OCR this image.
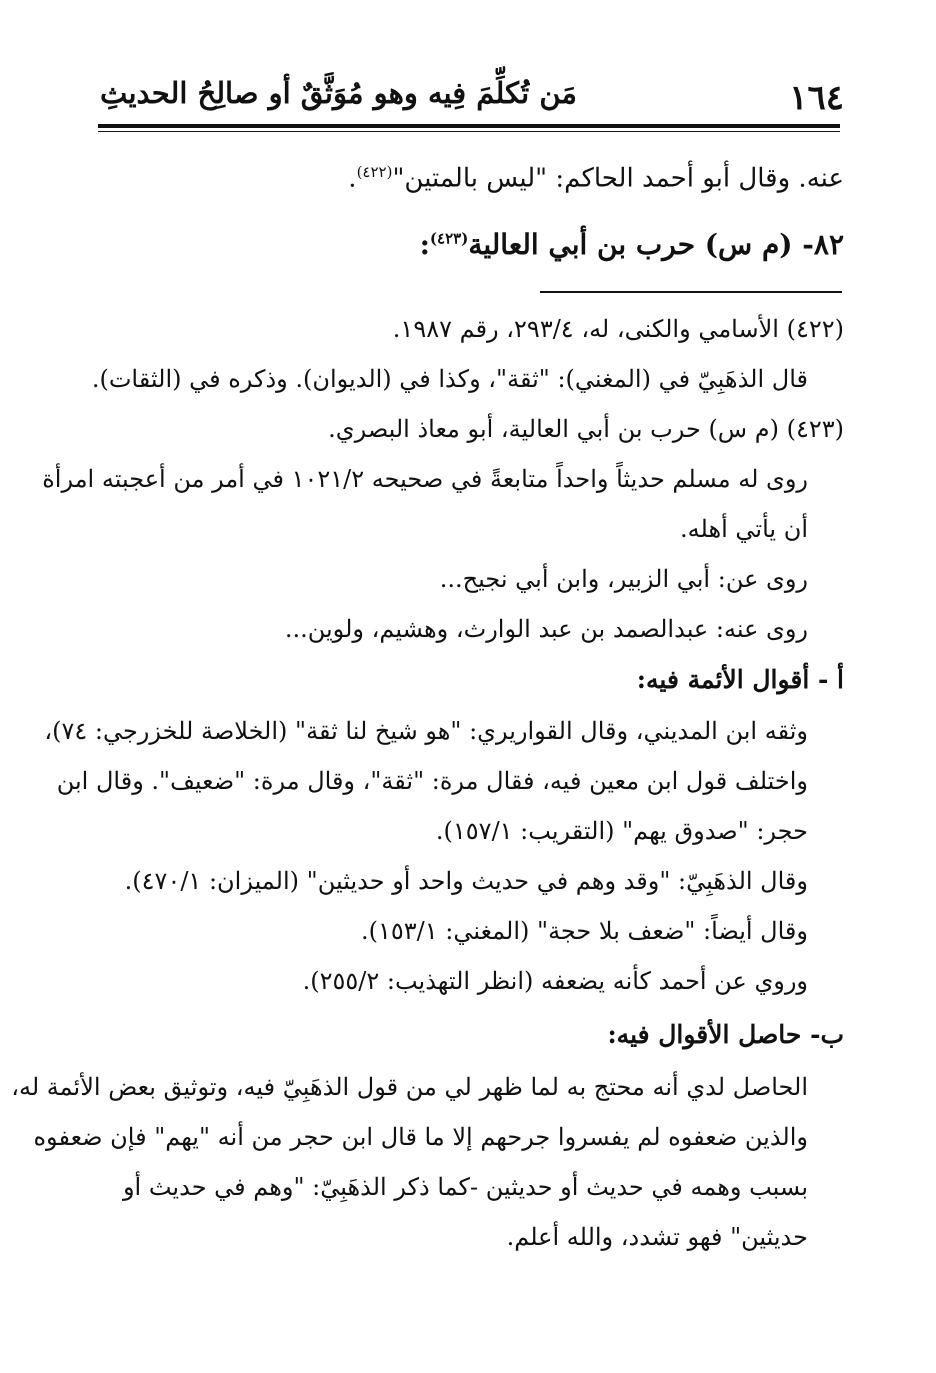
١٦٤
مَن تُكلِّمَ فِيه وهو مُوَثَّقٌ أو صالِحُ الحديثِ
عنه. وقال أبو أحمد الحاكم: "ليس بالمتين"$^{(٤٢٢)}$.
٨٢- (م س) حرب بن أبي العالية$^{(٤٢٣)}$:
(٤٢٢) الأسامي والكنى، له، ٢٩٣/٤، رقم ١٩٨٧.
قال الذهَبِيّ في (المغني): "ثقة"، وكذا في (الديوان). وذكره في (الثقات).
(٤٢٣) (م س) حرب بن أبي العالية، أبو معاذ البصري.
روى له مسلم حديثاً واحداً متابعةً في صحيحه ١٠٢١/٢ في أمر من أعجبته امرأة
أن يأتي أهله.
روى عن: أبي الزبير، وابن أبي نجيح...
روى عنه: عبدالصمد بن عبد الوارث، وهشيم، ولوين...
أ - أقوال الأئمة فيه:
وثقه ابن المديني، وقال القواريري: "هو شيخ لنا ثقة" (الخلاصة للخزرجي: ٧٤)،
واختلف قول ابن معين فيه، فقال مرة: "ثقة"، وقال مرة: "ضعيف". وقال ابن
حجر: "صدوق يهم" (التقريب: ١٥٧/١).
وقال الذهَبِيّ: "وقد وهم في حديث واحد أو حديثين" (الميزان: ٤٧٠/١).
وقال أيضاً: "ضعف بلا حجة" (المغني: ١٥٣/١).
وروي عن أحمد كأنه يضعفه (انظر التهذيب: ٢٥٥/٢).
ب- حاصل الأقوال فيه:
الحاصل لدي أنه محتج به لما ظهر لي من قول الذهَبِيّ فيه، وتوثيق بعض الأئمة له،
والذين ضعفوه لم يفسروا جرحهم إلا ما قال ابن حجر من أنه "يهم" فإن ضعفوه
بسبب وهمه في حديث أو حديثين -كما ذكر الذهَبِيّ: "وهم في حديث أو
حديثين" فهو تشدد، والله أعلم.
